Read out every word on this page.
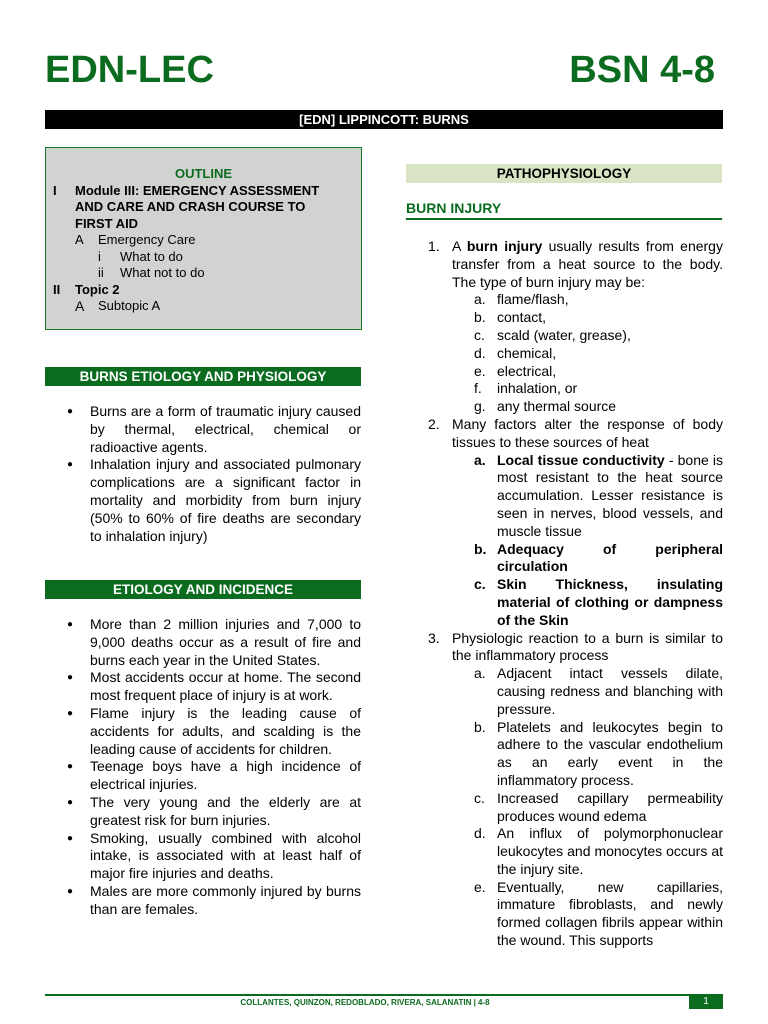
EDN-LEC	BSN 4-8
[EDN] LIPPINCOTT: BURNS
OUTLINE
I Module III: EMERGENCY ASSESSMENT
AND CARE AND CRASH COURSE TO
FIRST AID
A Emergency Care
i What to do
ii What not to do
II Topic 2
A Subtopic A
BURNS ETIOLOGY AND PHYSIOLOGY
● Burns are a form of traumatic injury caused by thermal, electrical, chemical or radioactive agents.
● Inhalation injury and associated pulmonary complications are a significant factor in mortality and morbidity from burn injury (50% to 60% of fire deaths are secondary to inhalation injury)
ETIOLOGY AND INCIDENCE
● More than 2 million injuries and 7,000 to 9,000 deaths occur as a result of fire and burns each year in the United States.
● Most accidents occur at home. The second most frequent place of injury is at work.
● Flame injury is the leading cause of accidents for adults, and scalding is the leading cause of accidents for children.
● Teenage boys have a high incidence of electrical injuries.
● The very young and the elderly are at greatest risk for burn injuries.
● Smoking, usually combined with alcohol intake, is associated with at least half of major fire injuries and deaths.
● Males are more commonly injured by burns than are females.
PATHOPHYSIOLOGY
BURN INJURY
1. A burn injury usually results from energy transfer from a heat source to the body. The type of burn injury may be:
a. flame/flash,
b. contact,
c. scald (water, grease),
d. chemical,
e. electrical,
f. inhalation, or
g. any thermal source
2. Many factors alter the response of body tissues to these sources of heat
a. Local tissue conductivity - bone is most resistant to the heat source accumulation. Lesser resistance is seen in nerves, blood vessels, and muscle tissue
b. Adequacy of peripheral circulation
c. Skin Thickness, insulating material of clothing or dampness of the Skin
3. Physiologic reaction to a burn is similar to the inflammatory process
a. Adjacent intact vessels dilate, causing redness and blanching with pressure.
b. Platelets and leukocytes begin to adhere to the vascular endothelium as an early event in the inflammatory process.
c. Increased capillary permeability produces wound edema
d. An influx of polymorphonuclear leukocytes and monocytes occurs at the injury site.
e. Eventually, new capillaries, immature fibroblasts, and newly formed collagen fibrils appear within the wound. This supports
COLLANTES, QUINZON, REDOBLADO, RIVERA, SALANATIN | 4-8	1
